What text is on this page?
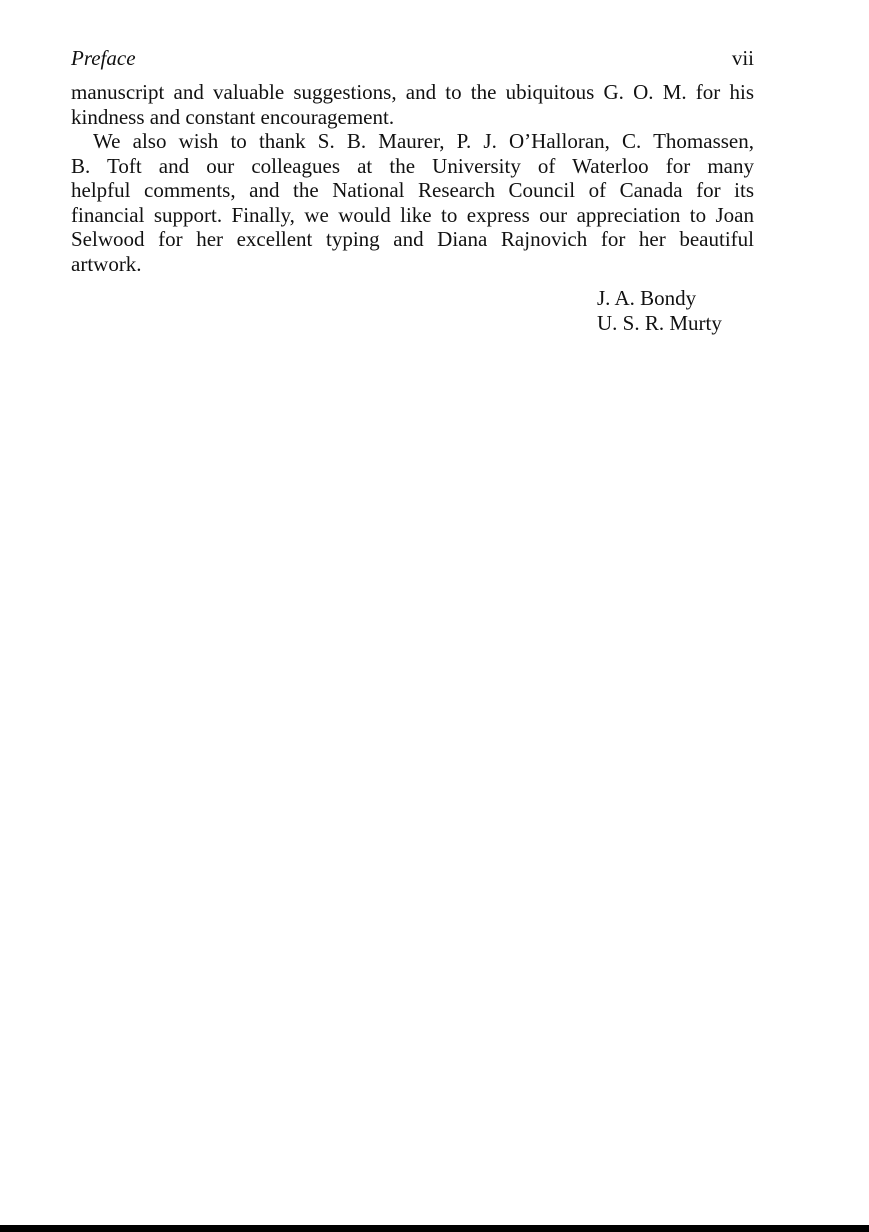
Preface	vii
manuscript and valuable suggestions, and to the ubiquitous G. O. M. for his
kindness and constant encouragement.
We also wish to thank S. B. Maurer, P. J. O’Halloran, C. Thomassen,
B. Toft and our colleagues at the University of Waterloo for many
helpful comments, and the National Research Council of Canada for its
financial support. Finally, we would like to express our appreciation to Joan
Selwood for her excellent typing and Diana Rajnovich for her beautiful
artwork.
J. A. Bondy
U. S. R. Murty
